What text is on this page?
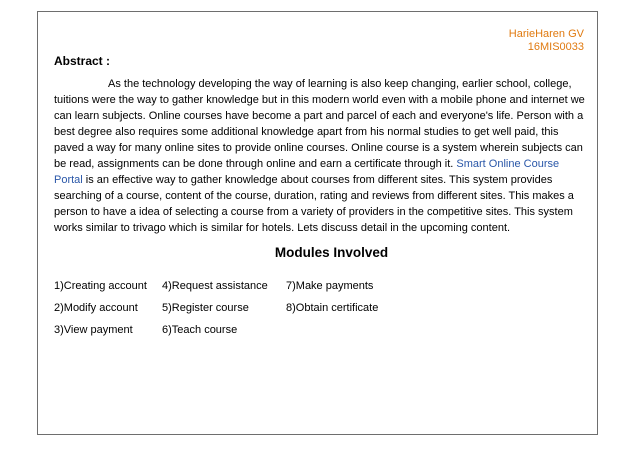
HarieHaren GV
16MIS0033

Abstract :

As the technology developing the way of learning is also keep changing, earlier school, college, tuitions were the way to gather knowledge but in this modern world even with a mobile phone and internet we can learn subjects. Online courses have become a part and parcel of each and everyone's life. Person with a best degree also requires some additional knowledge apart from his normal studies to get well paid, this paved a way for many online sites to provide online courses. Online course is a system wherein subjects can be read, assignments can be done through online and earn a certificate through it. Smart Online Course Portal is an effective way to gather knowledge about courses from different sites. This system provides searching of a course, content of the course, duration, rating and reviews from different sites. This makes a person to have a idea of selecting a course from a variety of providers in the competitive sites. This system works similar to trivago which is similar for hotels. Lets discuss detail in the upcoming content.

Modules Involved

1)Creating account
2)Modify account
3)View payment
4)Request assistance
5)Register course
6)Teach course
7)Make payments
8)Obtain certificate
